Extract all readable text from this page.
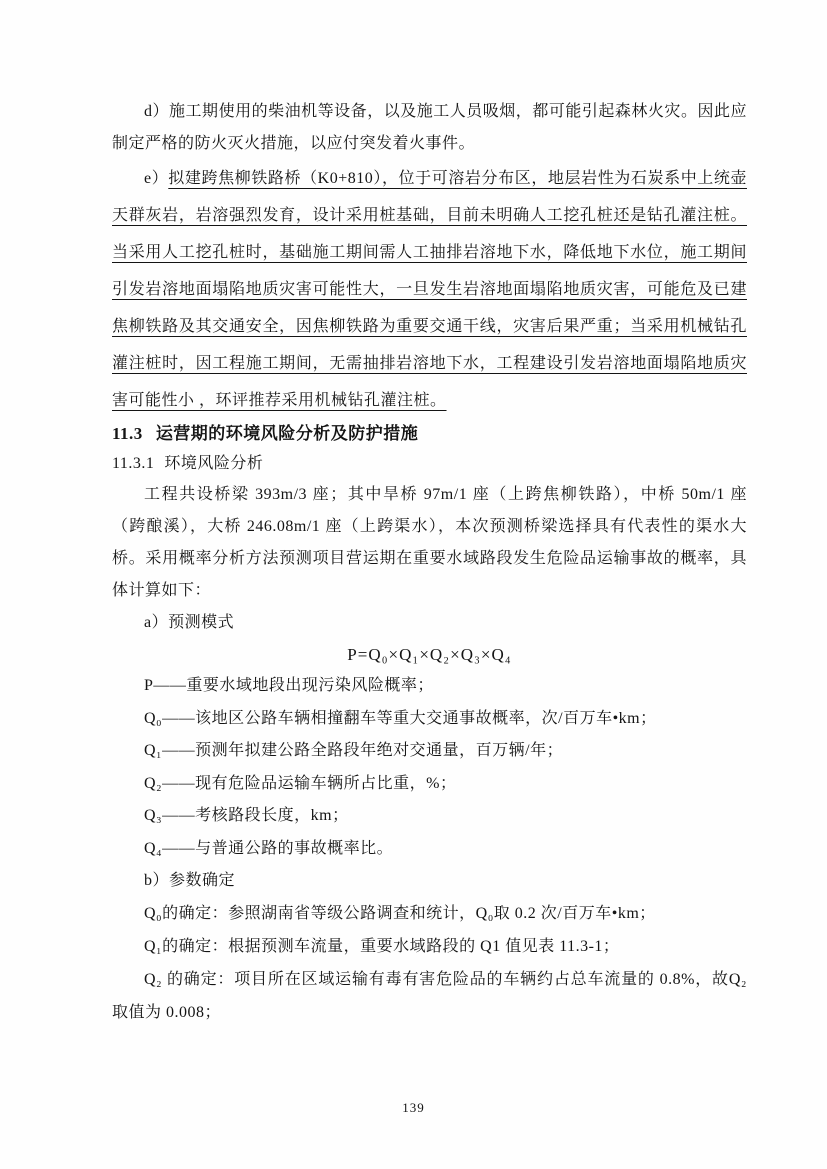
d）施工期使用的柴油机等设备，以及施工人员吸烟，都可能引起森林火灾。因此应制定严格的防火灭火措施，以应付突发着火事件。

e）拟建跨焦柳铁路桥（K0+810），位于可溶岩分布区，地层岩性为石炭系中上统壶天群灰岩，岩溶强烈发育，设计采用桩基础，目前未明确人工挖孔桩还是钻孔灌注桩。当采用人工挖孔桩时，基础施工期间需人工抽排岩溶地下水，降低地下水位，施工期间引发岩溶地面塌陷地质灾害可能性大，一旦发生岩溶地面塌陷地质灾害，可能危及已建焦柳铁路及其交通安全，因焦柳铁路为重要交通干线，灾害后果严重；当采用机械钻孔灌注桩时，因工程施工期间，无需抽排岩溶地下水，工程建设引发岩溶地面塌陷地质灾害可能性小 ，环评推荐采用机械钻孔灌注桩。

11.3 运营期的环境风险分析及防护措施

11.3.1 环境风险分析

工程共设桥梁 393m/3 座；其中旱桥 97m/1 座（上跨焦柳铁路），中桥 50m/1 座（跨酿溪），大桥 246.08m/1 座（上跨渠水），本次预测桥梁选择具有代表性的渠水大桥。采用概率分析方法预测项目营运期在重要水域路段发生危险品运输事故的概率，具体计算如下：

a）预测模式

P=Q₀×Q₁×Q₂×Q₃×Q₄

P——重要水域地段出现污染风险概率；

Q₀——该地区公路车辆相撞翻车等重大交通事故概率，次/百万车•km；

Q₁——预测年拟建公路全路段年绝对交通量，百万辆/年；

Q₂——现有危险品运输车辆所占比重，%；

Q₃——考核路段长度，km；

Q₄——与普通公路的事故概率比。

b）参数确定

Q₀的确定：参照湖南省等级公路调查和统计，Q₀取 0.2 次/百万车•km；

Q₁的确定：根据预测车流量，重要水域路段的 Q1 值见表 11.3-1；

Q₂ 的确定：项目所在区域运输有毒有害危险品的车辆约占总车流量的 0.8%，故Q₂取值为 0.008；

139
